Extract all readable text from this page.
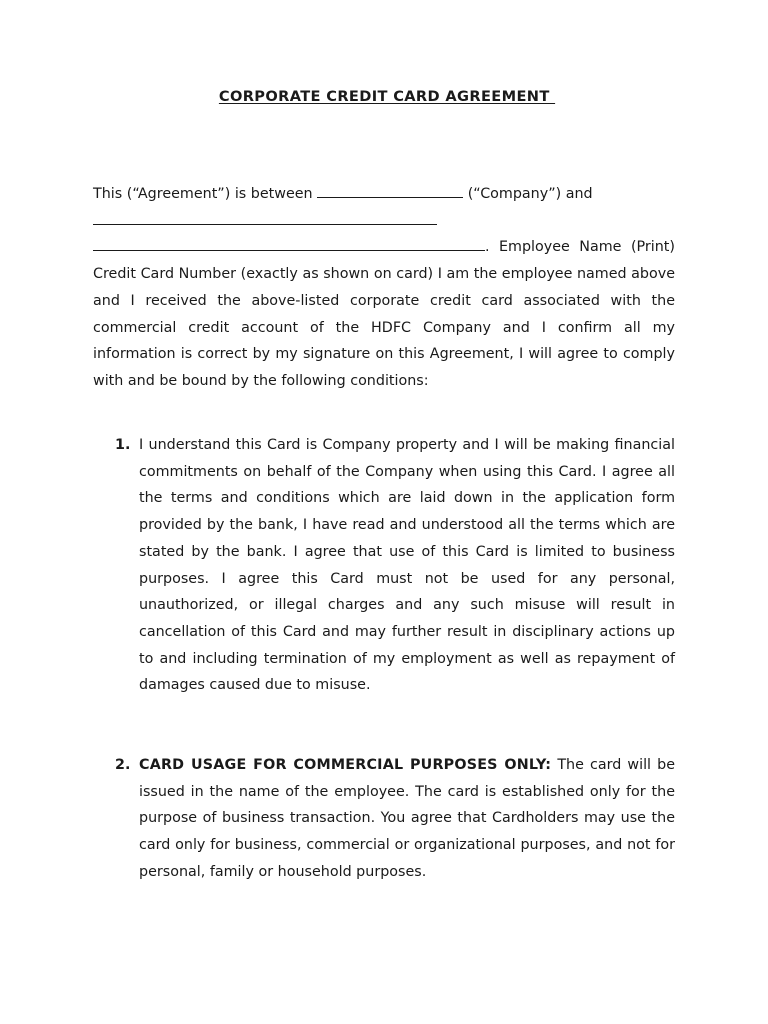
CORPORATE CREDIT CARD AGREEMENT
This (“Agreement”) is between	(“Company”) and
. Employee Name (Print) Credit Card Number (exactly as shown on card) I am the employee named above and I received the above-listed corporate credit card associated with the commercial credit account of the HDFC Company and I confirm all my information is correct by my signature on this Agreement, I will agree to comply with and be bound by the following conditions:
1. I understand this Card is Company property and I will be making financial commitments on behalf of the Company when using this Card. I agree all the terms and conditions which are laid down in the application form provided by the bank, I have read and understood all the terms which are stated by the bank. I agree that use of this Card is limited to business purposes. I agree this Card must not be used for any personal, unauthorized, or illegal charges and any such misuse will result in cancellation of this Card and may further result in disciplinary actions up to and including termination of my employment as well as repayment of damages caused due to misuse.
2. CARD USAGE FOR COMMERCIAL PURPOSES ONLY: The card will be issued in the name of the employee. The card is established only for the purpose of business transaction. You agree that Cardholders may use the card only for business, commercial or organizational purposes, and not for personal, family or household purposes.
